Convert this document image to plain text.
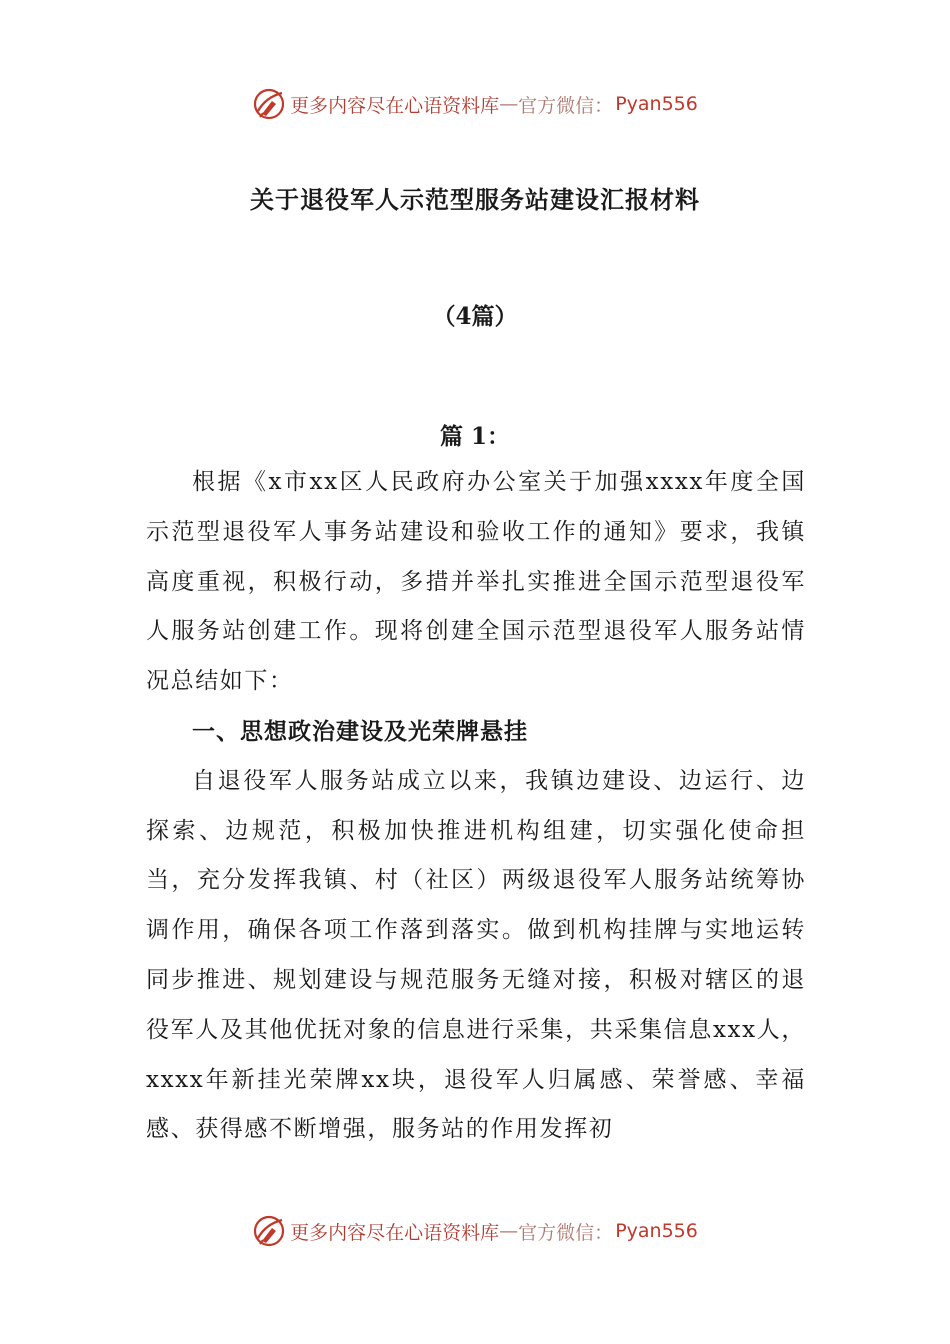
更多内容尽在心语资料库 — 官方微信： Pyan556
关于退役军人示范型服务站建设汇报材料
（4篇）
篇 1：

根据《x市xx区人民政府办公室关于加强xxxx年度全国示范型退役军人事务站建设和验收工作的通知》要求，我镇高度重视，积极行动，多措并举扎实推进全国示范型退役军人服务站创建工作。现将创建全国示范型退役军人服务站情况总结如下：

一、思想政治建设及光荣牌悬挂

自退役军人服务站成立以来，我镇边建设、边运行、边探索、边规范，积极加快推进机构组建，切实强化使命担当，充分发挥我镇、村（社区）两级退役军人服务站统筹协调作用，确保各项工作落到落实。做到机构挂牌与实地运转同步推进、规划建设与规范服务无缝对接，积极对辖区的退役军人及其他优抚对象的信息进行采集，共采集信息xxx人，xxxx年新挂光荣牌xx块，退役军人归属感、荣誉感、幸福感、获得感不断增强，服务站的作用发挥初

更多内容尽在心语资料库 — 官方微信： Pyan556
